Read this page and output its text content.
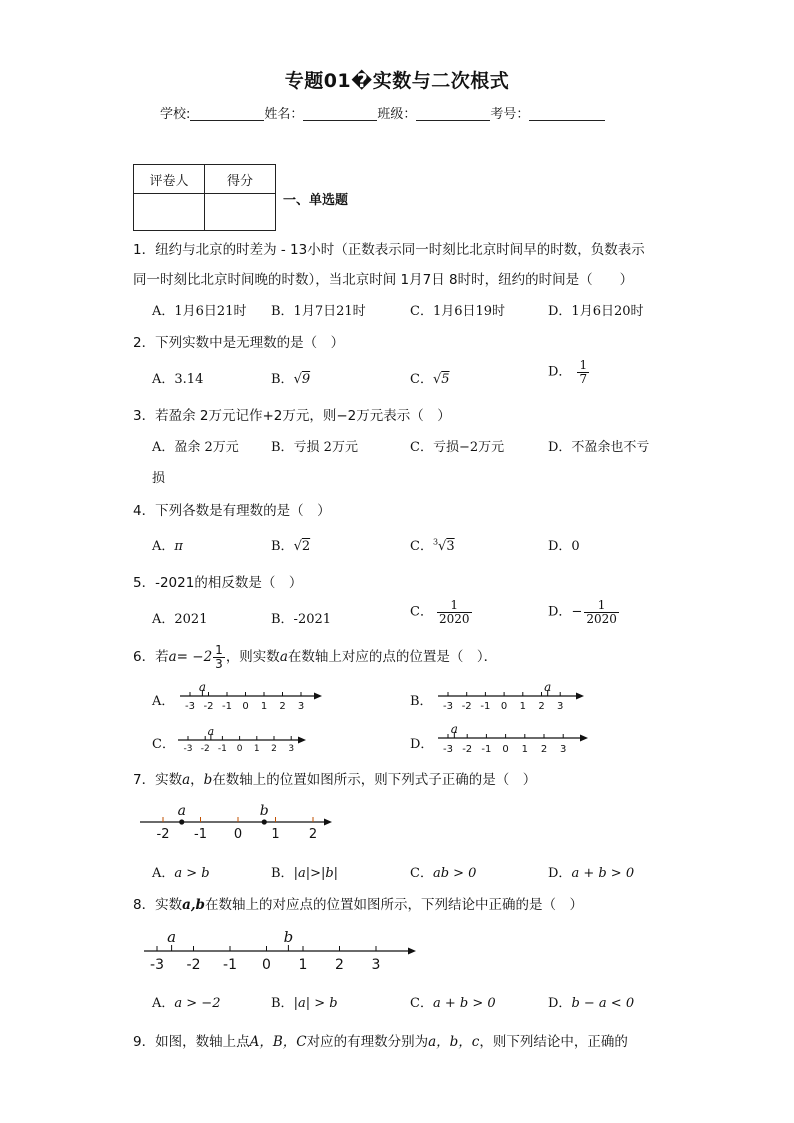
专题01�实数与二次根式
学校:	姓名：	班级：	考号：
评卷人	得分

一、单选题
1．纽约与北京的时差为 - 13小时（正数表示同一时刻比北京时间早的时数，负数表示
同一时刻比北京时间晚的时数），当北京时间 1月7日 8时时，纽约的时间是（　　）
A．1月6日21时 B．1月7日21时	C．1月6日19时	D．1月6日20时
2．下列实数中是无理数的是（　）
A．3.14	B．√9	C．√5	D． $\frac{1}{7}$
3．若盈余 2万元记作+2万元，则−2万元表示（　）
A．盈余 2万元 B．亏损 2万元	C．亏损−2万元	D．不盈余也不亏
损
4．下列各数是有理数的是（　）
A．π	B．√2	C．$^3$√3	D．0
5．-2021的相反数是（　）
A．2021	B．-2021	C． $\frac{1}{2020}$	D．− $\frac{1}{2020}$
6．若$a= -2 \frac{1}{3}$ ，则实数a在数轴上对应的点的位置是（　）．
A．	B．
C．	D．
-3 -2 -1 0 1 2 3
a
-3 -2 -1 0 1 2 3
a
-3 -2 -1 0 1 2 3
a
-3 -2 -1 0 1 2 3
a
7．实数a，b在数轴上的位置如图所示，则下列式子正确的是（　）
-2 -1 0 1 2
a	b
A．a > b	B．|a|>|b|	C．ab > 0	D．a + b > 0
8．实数a,b在数轴上的对应点的位置如图所示，下列结论中正确的是（　）
-3 -2 -1 0 1 2 3
a	b
A．a > −2	B．|a| > b	C．a + b > 0	D．b − a < 0
9．如图，数轴上点A，B，C对应的有理数分别为a，b，c，则下列结论中，正确的
